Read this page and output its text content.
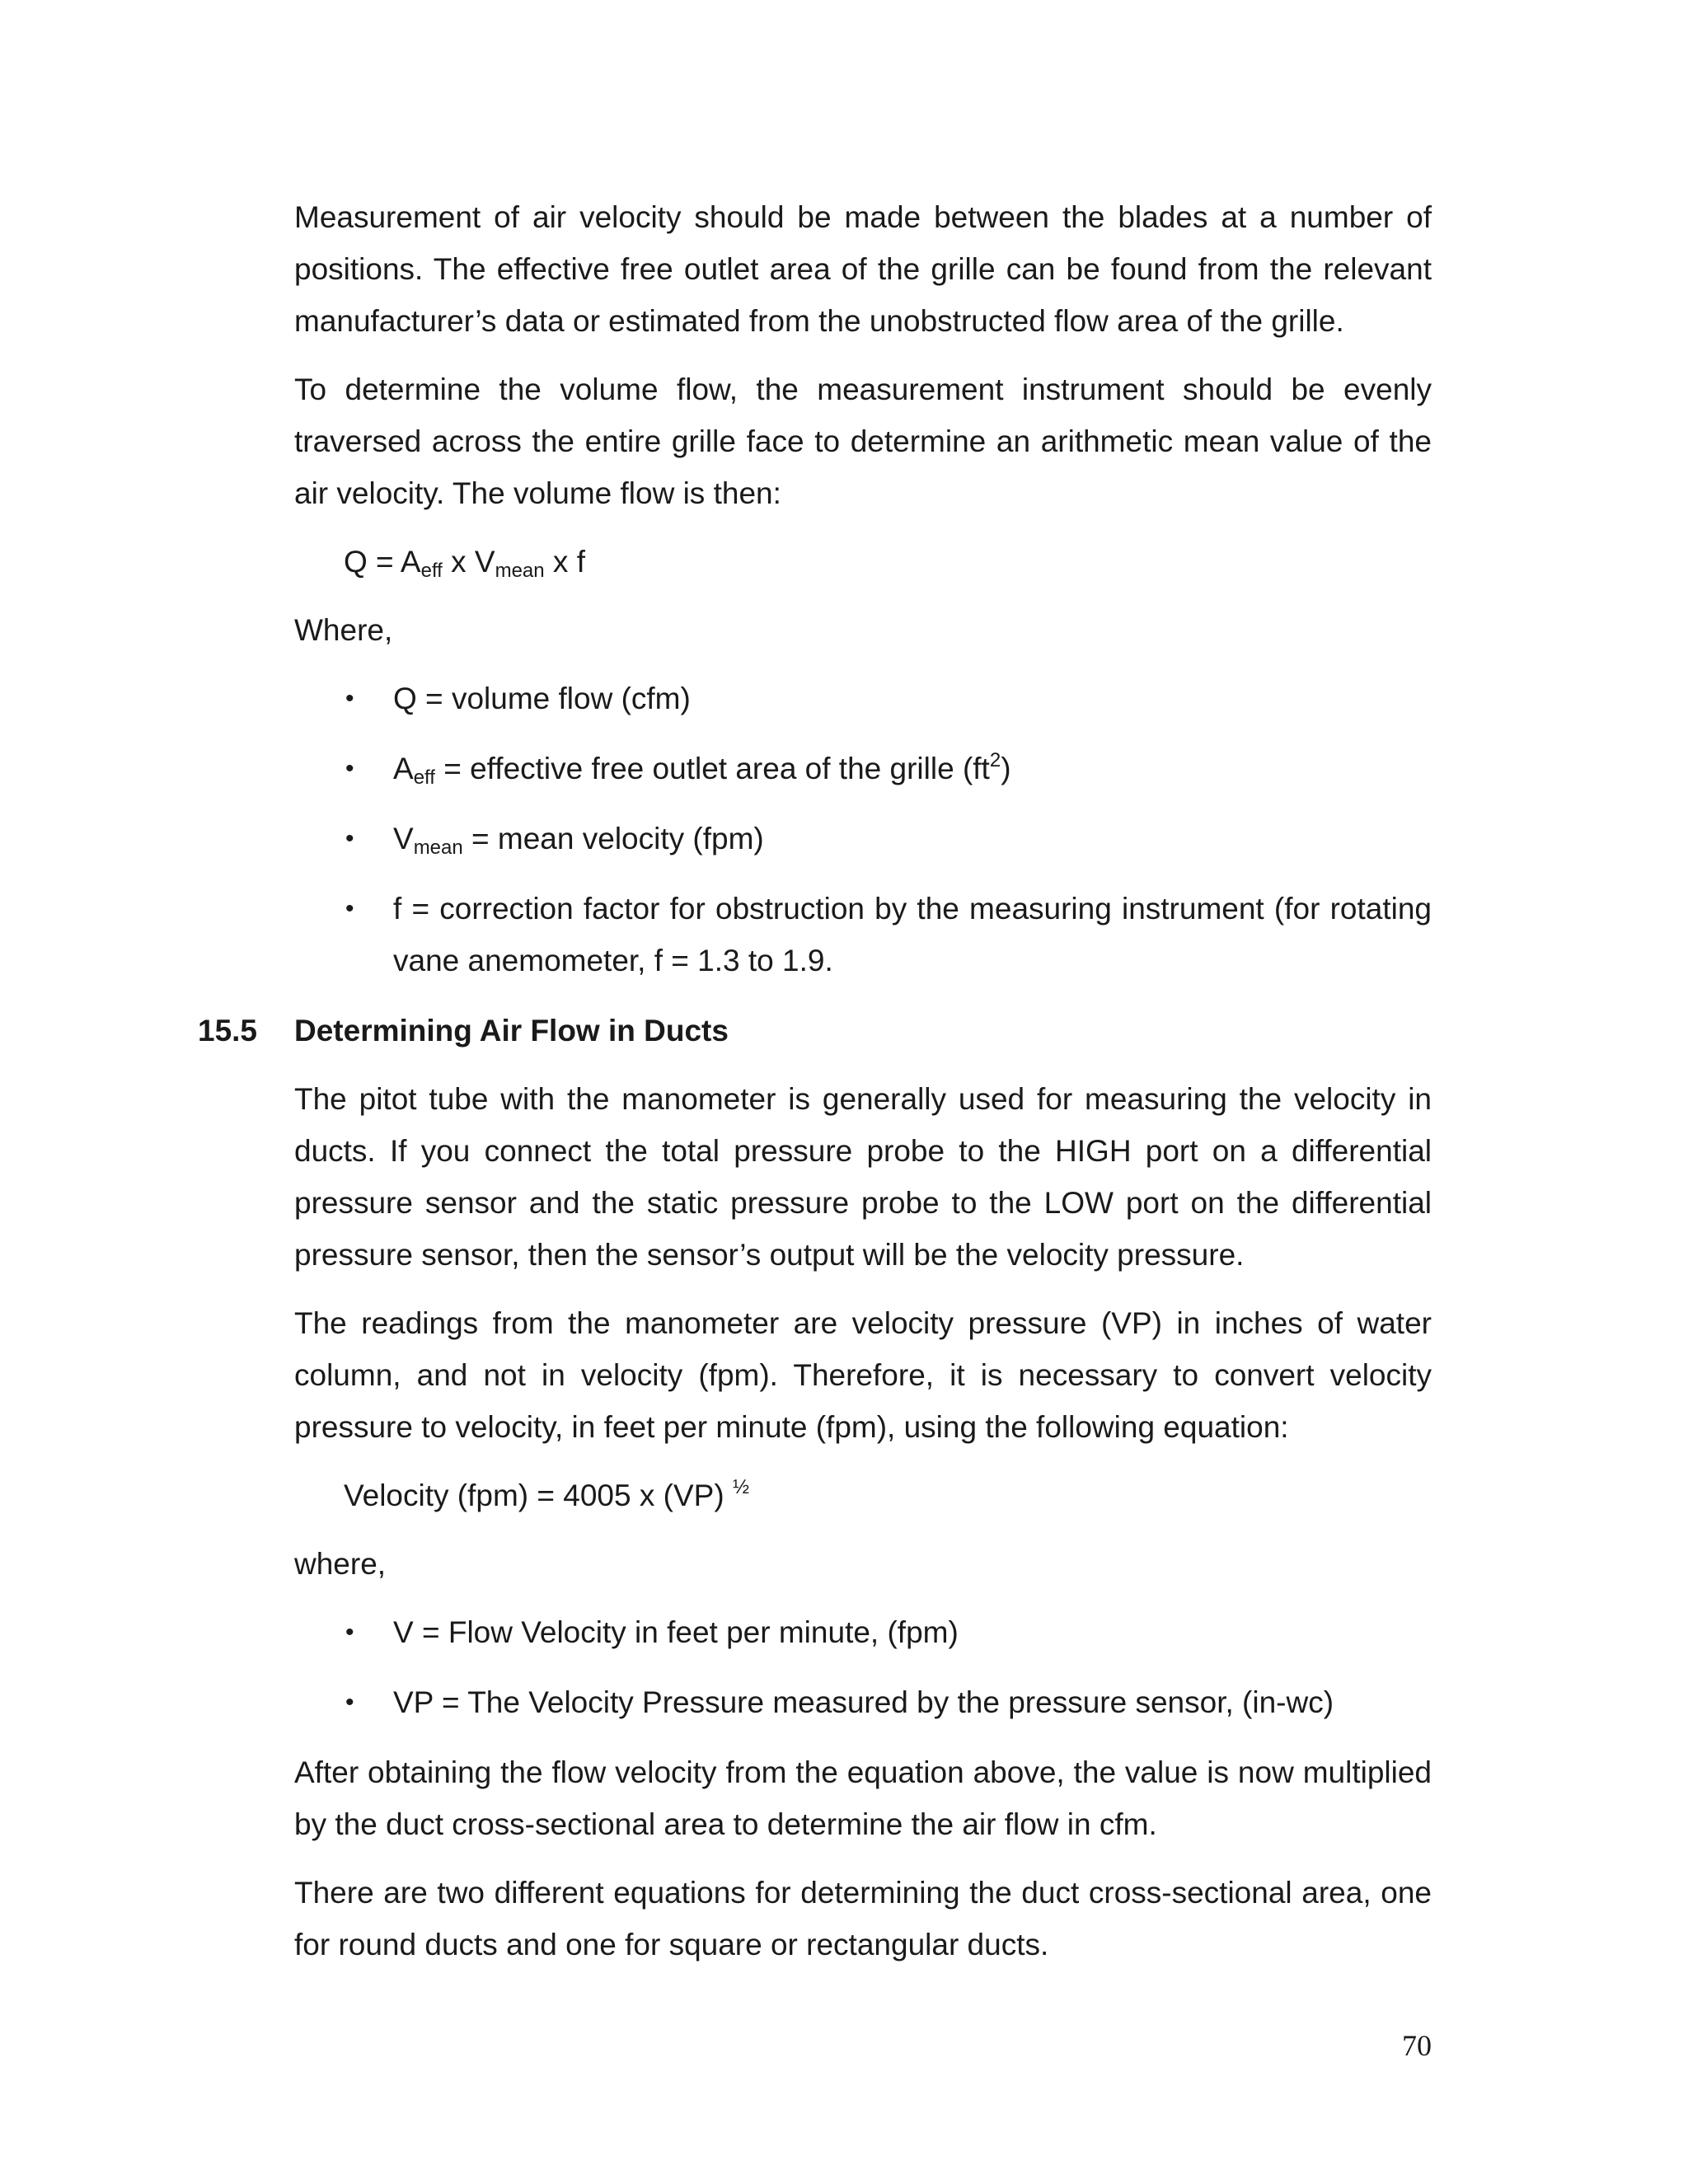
Measurement of air velocity should be made between the blades at a number of positions. The effective free outlet area of the grille can be found from the relevant manufacturer’s data or estimated from the unobstructed flow area of the grille.

To determine the volume flow, the measurement instrument should be evenly traversed across the entire grille face to determine an arithmetic mean value of the air velocity. The volume flow is then:

$Q = A_{eff}$ x $V_{mean}$ x f

Where,

• Q = volume flow (cfm)
• $A_{eff}$ = effective free outlet area of the grille $(ft^2)$
• $V_{mean}$ = mean velocity (fpm)
• f = correction factor for obstruction by the measuring instrument (for rotating vane anemometer, f = 1.3 to 1.9.
15.5 Determining Air Flow in Ducts

The pitot tube with the manometer is generally used for measuring the velocity in ducts. If you connect the total pressure probe to the HIGH port on a differential pressure sensor and the static pressure probe to the LOW port on the differential pressure sensor, then the sensor’s output will be the velocity pressure.

The readings from the manometer are velocity pressure (VP) in inches of water column, and not in velocity (fpm). Therefore, it is necessary to convert velocity pressure to velocity, in feet per minute (fpm), using the following equation:

Velocity (fpm) = 4005 x (VP) $^{\frac{1}{2}}$

where,

• V = Flow Velocity in feet per minute, (fpm)
• VP = The Velocity Pressure measured by the pressure sensor, (in-wc)

After obtaining the flow velocity from the equation above, the value is now multiplied by the duct cross-sectional area to determine the air flow in cfm.

There are two different equations for determining the duct cross-sectional area, one for round ducts and one for square or rectangular ducts.

70
